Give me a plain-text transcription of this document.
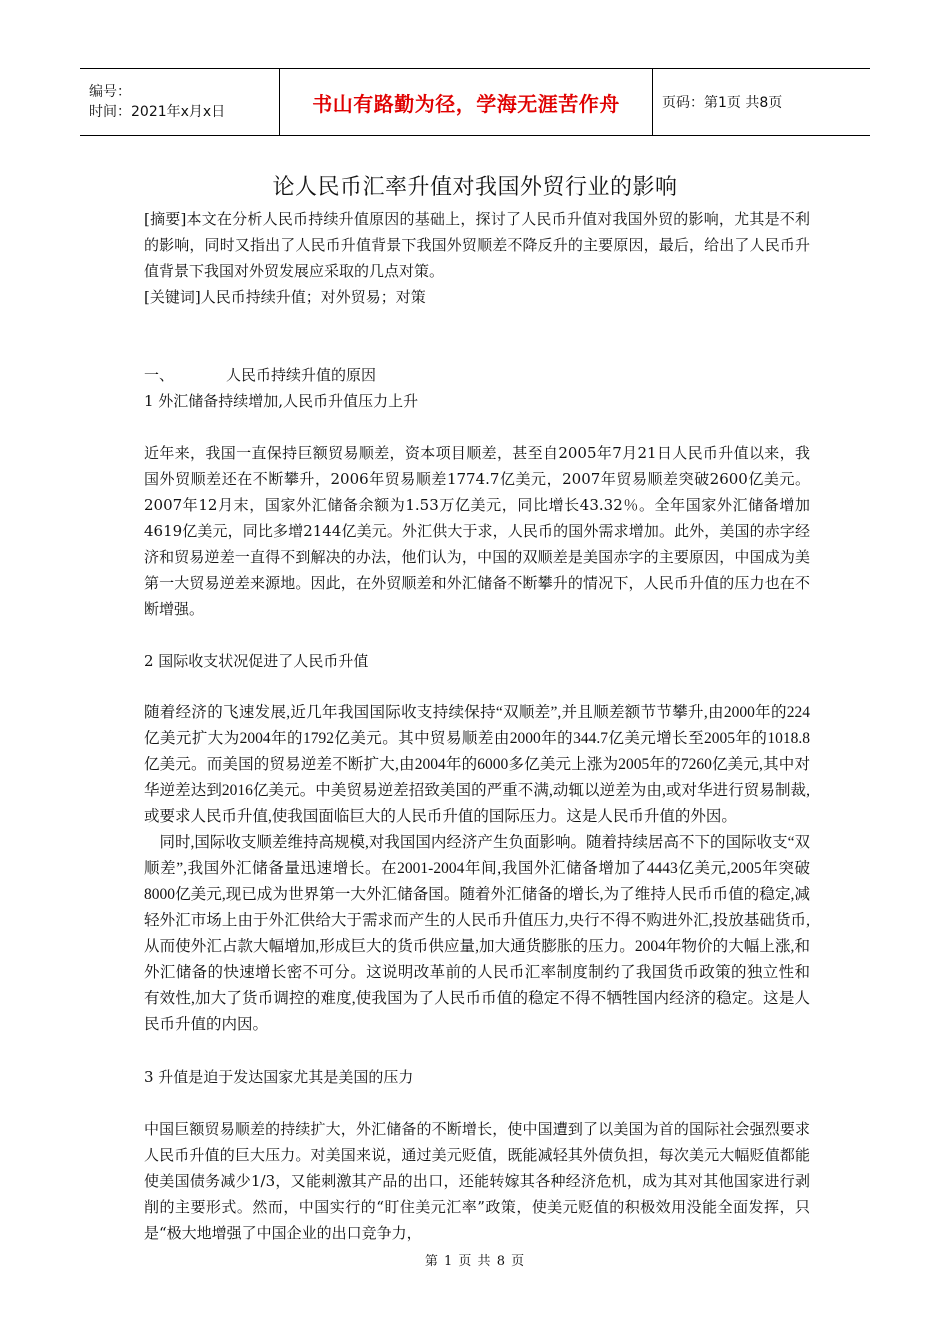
编号：
时间：2021年x月x日	书山有路勤为径，学海无涯苦作舟	页码：第1页 共8页
论人民币汇率升值对我国外贸行业的影响

[摘要]本文在分析人民币持续升值原因的基础上，探讨了人民币升值对我国外贸的影响，尤其是不利的影响，同时又指出了人民币升值背景下我国外贸顺差不降反升的主要原因，最后，给出了人民币升值背景下我国对外贸发展应采取的几点对策。

[关键词]人民币持续升值；对外贸易；对策

一、	人民币持续升值的原因

1 外汇储备持续增加,人民币升值压力上升

近年来，我国一直保持巨额贸易顺差，资本项目顺差，甚至自2005年7月21日人民币升值以来，我国外贸顺差还在不断攀升，2006年贸易顺差1774.7亿美元，2007年贸易顺差突破2600亿美元。2007年12月末，国家外汇储备余额为1.53万亿美元，同比增长43.32％。全年国家外汇储备增加4619亿美元，同比多增2144亿美元。外汇供大于求，人民币的国外需求增加。此外，美国的赤字经济和贸易逆差一直得不到解决的办法，他们认为，中国的双顺差是美国赤字的主要原因，中国成为美第一大贸易逆差来源地。因此，在外贸顺差和外汇储备不断攀升的情况下，人民币升值的压力也在不断增强。

2 国际收支状况促进了人民币升值

随着经济的飞速发展,近几年我国国际收支持续保持“双顺差”,并且顺差额节节攀升,由2000年的224亿美元扩大为2004年的1792亿美元。其中贸易顺差由2000年的344.7亿美元增长至2005年的1018.8亿美元。而美国的贸易逆差不断扩大,由2004年的6000多亿美元上涨为2005年的7260亿美元,其中对华逆差达到2016亿美元。中美贸易逆差招致美国的严重不满,动辄以逆差为由,或对华进行贸易制裁,或要求人民币升值,使我国面临巨大的人民币升值的国际压力。这是人民币升值的外因。

同时,国际收支顺差维持高规模,对我国国内经济产生负面影响。随着持续居高不下的国际收支“双顺差”,我国外汇储备量迅速增长。在2001-2004年间,我国外汇储备增加了4443亿美元,2005年突破8000亿美元,现已成为世界第一大外汇储备国。随着外汇储备的增长,为了维持人民币币值的稳定,减轻外汇市场上由于外汇供给大于需求而产生的人民币升值压力,央行不得不购进外汇,投放基础货币,从而使外汇占款大幅增加,形成巨大的货币供应量,加大通货膨胀的压力。2004年物价的大幅上涨,和外汇储备的快速增长密不可分。这说明改革前的人民币汇率制度制约了我国货币政策的独立性和有效性,加大了货币调控的难度,使我国为了人民币币值的稳定不得不牺牲国内经济的稳定。这是人民币升值的内因。

3 升值是迫于发达国家尤其是美国的压力

中国巨额贸易顺差的持续扩大，外汇储备的不断增长，使中国遭到了以美国为首的国际社会强烈要求人民币升值的巨大压力。对美国来说，通过美元贬值，既能减轻其外债负担，每次美元大幅贬值都能使美国债务减少1/3，又能刺激其产品的出口，还能转嫁其各种经济危机，成为其对其他国家进行剥削的主要形式。然而，中国实行的“盯住美元汇率”政策，使美元贬值的积极效用没能全面发挥，只是“极大地增强了中国企业的出口竞争力，

第 1 页 共 8 页
